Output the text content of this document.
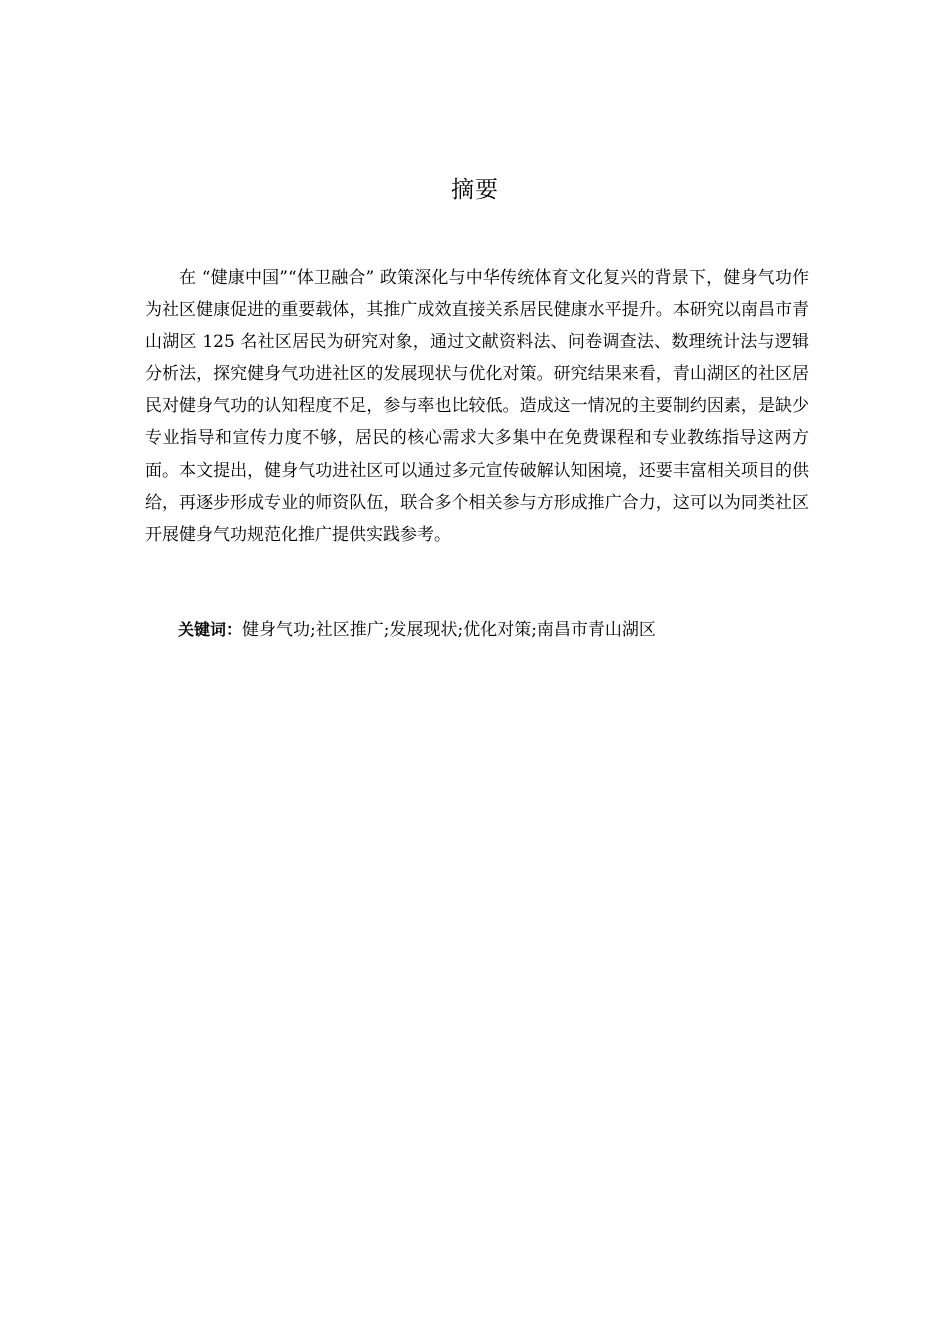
摘要

在 “健康中国”“体卫融合” 政策深化与中华传统体育文化复兴的背景下，健身气功作为社区健康促进的重要载体，其推广成效直接关系居民健康水平提升。本研究以南昌市青山湖区 125 名社区居民为研究对象，通过文献资料法、问卷调查法、数理统计法与逻辑分析法，探究健身气功进社区的发展现状与优化对策。研究结果来看，青山湖区的社区居民对健身气功的认知程度不足，参与率也比较低。造成这一情况的主要制约因素，是缺少专业指导和宣传力度不够，居民的核心需求大多集中在免费课程和专业教练指导这两方面。本文提出，健身气功进社区可以通过多元宣传破解认知困境，还要丰富相关项目的供给，再逐步形成专业的师资队伍，联合多个相关参与方形成推广合力，这可以为同类社区开展健身气功规范化推广提供实践参考。

关键词：健身气功;社区推广;发展现状;优化对策;南昌市青山湖区
